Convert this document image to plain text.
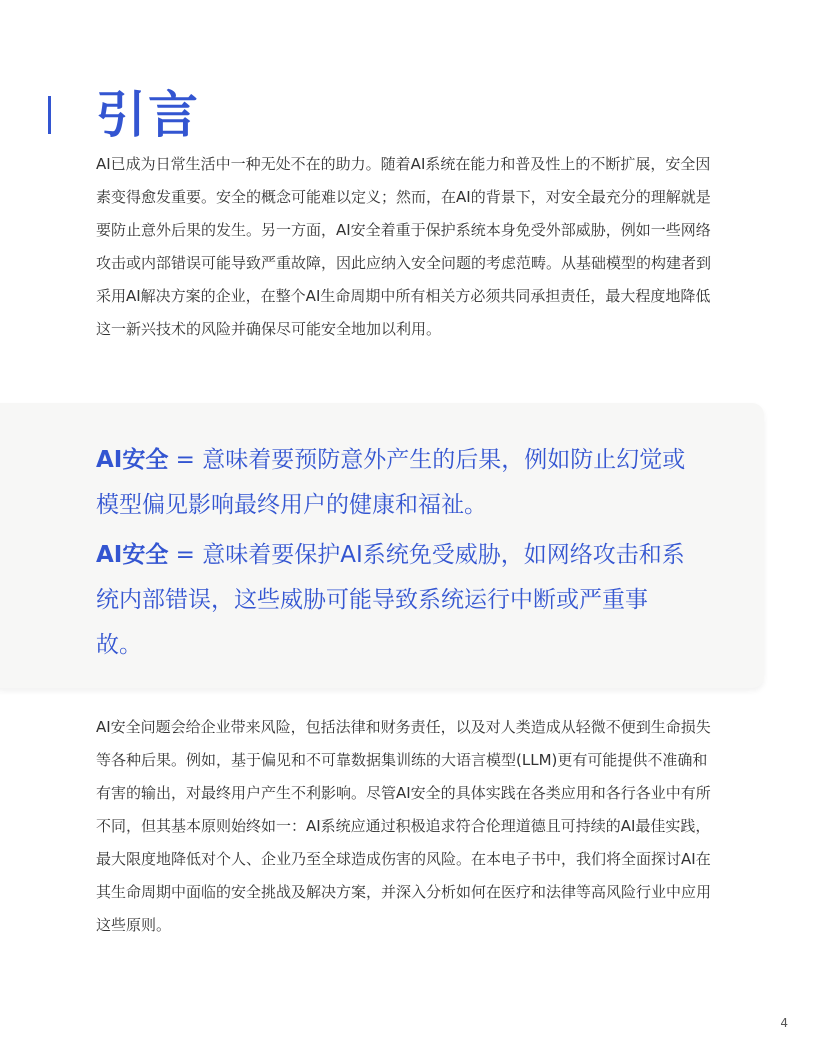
引言

AI已成为日常生活中一种无处不在的助力。随着AI系统在能力和普及性上的不断扩展，安全因素变得愈发重要。安全的概念可能难以定义；然而，在AI的背景下，对安全最充分的理解就是要防止意外后果的发生。另一方面，AI安全着重于保护系统本身免受外部威胁，例如一些网络攻击或内部错误可能导致严重故障，因此应纳入安全问题的考虑范畴。从基础模型的构建者到采用AI解决方案的企业，在整个AI生命周期中所有相关方必须共同承担责任，最大程度地降低这一新兴技术的风险并确保尽可能安全地加以利用。

AI安全 = 意味着要预防意外产生的后果，例如防止幻觉或模型偏见影响最终用户的健康和福祉。

AI安全 = 意味着要保护AI系统免受威胁，如网络攻击和系统内部错误，这些威胁可能导致系统运行中断或严重事故。

AI安全问题会给企业带来风险，包括法律和财务责任，以及对人类造成从轻微不便到生命损失等各种后果。例如，基于偏见和不可靠数据集训练的大语言模型(LLM)更有可能提供不准确和有害的输出，对最终用户产生不利影响。尽管AI安全的具体实践在各类应用和各行各业中有所不同，但其基本原则始终如一：AI系统应通过积极追求符合伦理道德且可持续的AI最佳实践，最大限度地降低对个人、企业乃至全球造成伤害的风险。在本电子书中，我们将全面探讨AI在其生命周期中面临的安全挑战及解决方案，并深入分析如何在医疗和法律等高风险行业中应用这些原则。

4
